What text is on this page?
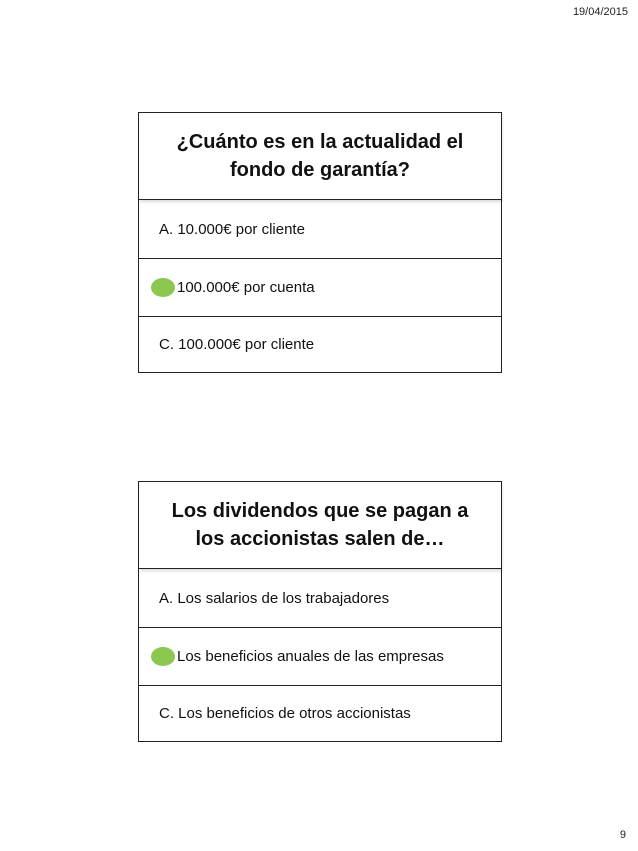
19/04/2015
¿Cuánto es en la actualidad el fondo de garantía?
A. 10.000€ por cliente
100.000€ por cuenta
C. 100.000€ por cliente
Los dividendos que se pagan a los accionistas salen de…
A. Los salarios de los trabajadores
Los beneficios anuales de las empresas
C. Los beneficios de otros accionistas
9
